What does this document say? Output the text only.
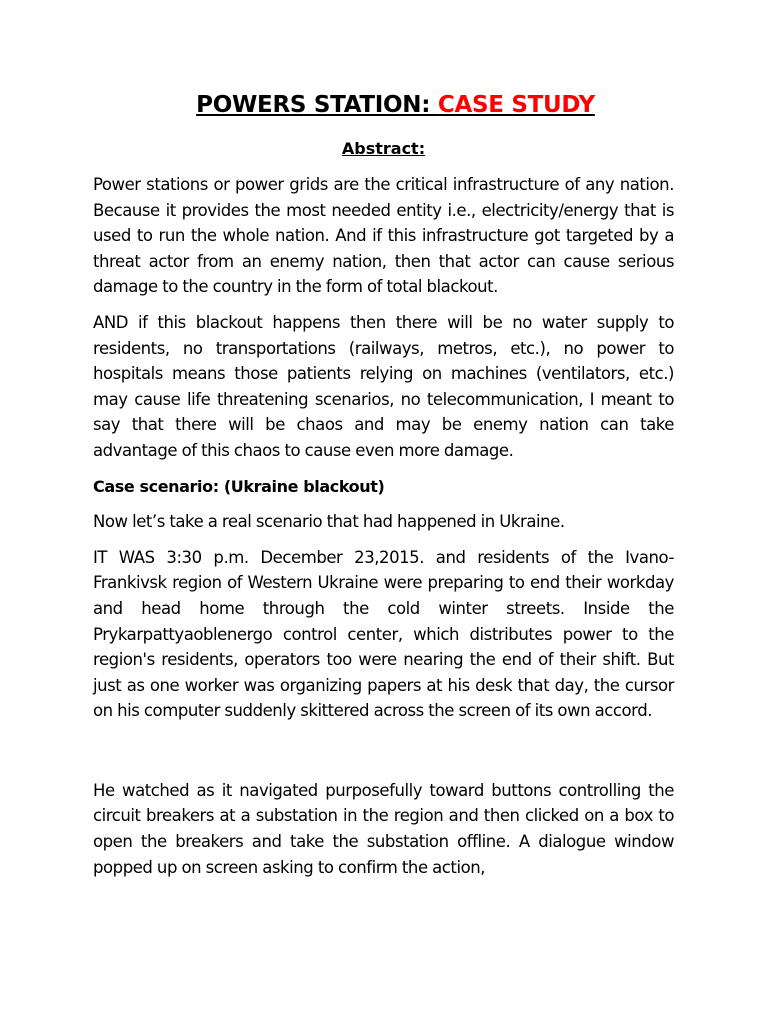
POWERS STATION: CASE STUDY
Abstract:

Power stations or power grids are the critical infrastructure of any nation. Because it provides the most needed entity i.e., electricity/energy that is used to run the whole nation. And if this infrastructure got targeted by a threat actor from an enemy nation, then that actor can cause serious damage to the country in the form of total blackout.

AND if this blackout happens then there will be no water supply to residents, no transportations (railways, metros, etc.), no power to hospitals means those patients relying on machines (ventilators, etc.) may cause life threatening scenarios, no telecommunication, I meant to say that there will be chaos and may be enemy nation can take advantage of this chaos to cause even more damage.

Case scenario: (Ukraine blackout)

Now let’s take a real scenario that had happened in Ukraine.

IT WAS 3:30 p.m. December 23,2015. and residents of the Ivano-Frankivsk region of Western Ukraine were preparing to end their workday and head home through the cold winter streets. Inside the Prykarpattyaoblenergo control center, which distributes power to the region's residents, operators too were nearing the end of their shift. But just as one worker was organizing papers at his desk that day, the cursor on his computer suddenly skittered across the screen of its own accord.

He watched as it navigated purposefully toward buttons controlling the circuit breakers at a substation in the region and then clicked on a box to open the breakers and take the substation offline. A dialogue window popped up on screen asking to confirm the action,
